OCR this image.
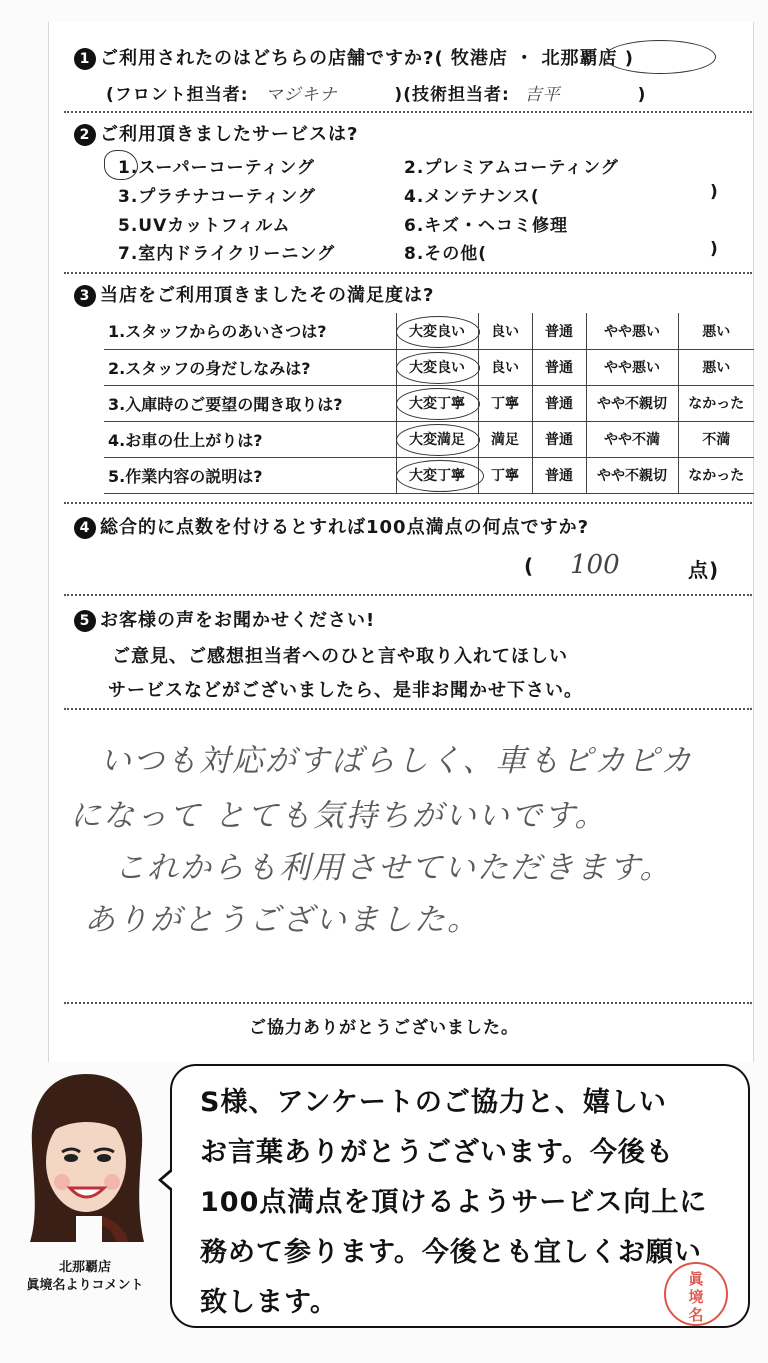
1 ご利用されたのはどちらの店舗ですか?( 牧港店 ・ 北那覇店 )
(フロント担当者: マジキナ	)(技術担当者: 吉平	)
2 ご利用頂きましたサービスは?
1.スーパーコーティング	2.プレミアムコーティング
3.プラチナコーティング	4.メンテナンス(	)
5.UVカットフィルム	6.キズ・ヘコミ修理
7.室内ドライクリーニング	8.その他(	)
3 当店をご利用頂きましたその満足度は?
1.スタッフからのあいさつは?	大変良い	良い	普通	やや悪い	悪い
2.スタッフの身だしなみは?	大変良い	良い	普通	やや悪い	悪い
3.入庫時のご要望の聞き取りは?	大変丁寧	丁寧	普通	やや不親切	なかった
4.お車の仕上がりは?	大変満足	満足	普通	やや不満	不満
5.作業内容の説明は?	大変丁寧	丁寧	普通	やや不親切	なかった
4 総合的に点数を付けるとすれば100点満点の何点ですか?
( 100	点)
5 お客様の声をお聞かせください!
ご意見、ご感想担当者へのひと言や取り入れてほしい
サービスなどがございましたら、是非お聞かせ下さい。
いつも対応がすばらしく、車もピカピカ
になって とても気持ちがいいです。
これからも利用させていただきます。
ありがとうございました。
ご協力ありがとうございました。
北那覇店
眞境名よりコメント
S様、アンケートのご協力と、嬉しい
お言葉ありがとうございます。今後も
100点満点を頂けるようサービス向上に
務めて参ります。今後とも宜しくお願い
致します。
眞
境
名
